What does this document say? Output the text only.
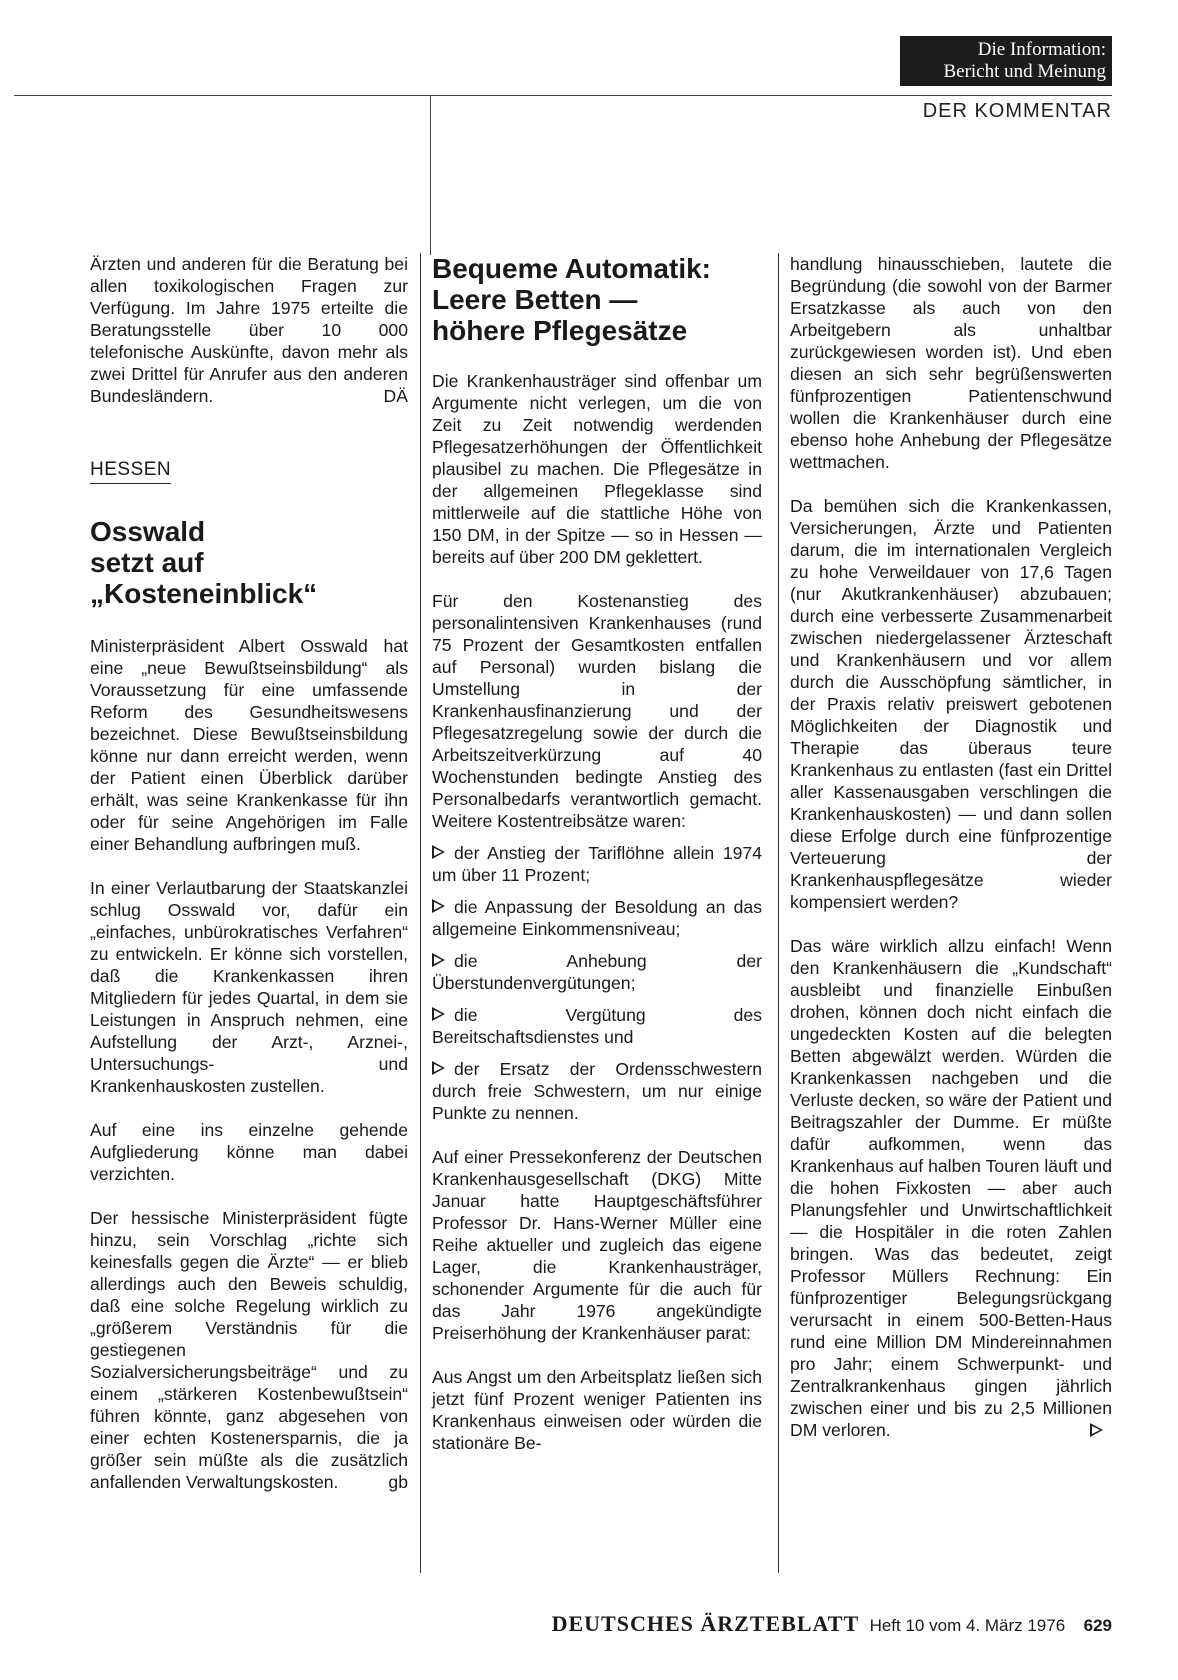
Die Information:
Bericht und Meinung
DER KOMMENTAR

Ärzten und anderen für die Beratung bei allen toxikologischen Fragen zur Verfügung. Im Jahre 1975 erteilte die Beratungsstelle über 10 000 telefonische Auskünfte, davon mehr als zwei Drittel für Anrufer aus den anderen Bundesländern.	DÄ

HESSEN
Osswald
setzt auf
„Kosteneinblick“

Ministerpräsident Albert Osswald hat eine „neue Bewußtseinsbildung“ als Voraussetzung für eine umfassende Reform des Gesundheitswesens bezeichnet. Diese Bewußtseinsbildung könne nur dann erreicht werden, wenn der Patient einen Überblick darüber erhält, was seine Krankenkasse für ihn oder für seine Angehörigen im Falle einer Behandlung aufbringen muß.

In einer Verlautbarung der Staatskanzlei schlug Osswald vor, dafür ein „einfaches, unbürokratisches Verfahren“ zu entwickeln. Er könne sich vorstellen, daß die Krankenkassen ihren Mitgliedern für jedes Quartal, in dem sie Leistungen in Anspruch nehmen, eine Aufstellung der Arzt-, Arznei-, Untersuchungs- und Krankenhauskosten zustellen.

Auf eine ins einzelne gehende Aufgliederung könne man dabei verzichten.

Der hessische Ministerpräsident fügte hinzu, sein Vorschlag „richte sich keinesfalls gegen die Ärzte“ — er blieb allerdings auch den Beweis schuldig, daß eine solche Regelung wirklich zu „größerem Verständnis für die gestiegenen Sozialversicherungsbeiträge“ und zu einem „stärkeren Kostenbewußtsein“ führen könnte, ganz abgesehen von einer echten Kostenersparnis, die ja größer sein müßte als die zusätzlich anfallenden Verwaltungskosten.	gb

Bequeme Automatik:
Leere Betten —
höhere Pflegesätze

Die Krankenhausträger sind offenbar um Argumente nicht verlegen, um die von Zeit zu Zeit notwendig werdenden Pflegesatzerhöhungen der Öffentlichkeit plausibel zu machen. Die Pflegesätze in der allgemeinen Pflegeklasse sind mittlerweile auf die stattliche Höhe von 150 DM, in der Spitze — so in Hessen — bereits auf über 200 DM geklettert.

Für den Kostenanstieg des personalintensiven Krankenhauses (rund 75 Prozent der Gesamtkosten entfallen auf Personal) wurden bislang die Umstellung in der Krankenhausfinanzierung und der Pflegesatzregelung sowie der durch die Arbeitszeitverkürzung auf 40 Wochenstunden bedingte Anstieg des Personalbedarfs verantwortlich gemacht. Weitere Kostentreibsätze waren:

der Anstieg der Tariflöhne allein 1974 um über 11 Prozent;

die Anpassung der Besoldung an das allgemeine Einkommensniveau;

die Anhebung der Überstundenvergütungen;

die Vergütung des Bereitschaftsdienstes und

der Ersatz der Ordensschwestern durch freie Schwestern, um nur einige Punkte zu nennen.

Auf einer Pressekonferenz der Deutschen Krankenhausgesellschaft (DKG) Mitte Januar hatte Hauptgeschäftsführer Professor Dr. Hans-Werner Müller eine Reihe aktueller und zugleich das eigene Lager, die Krankenhausträger, schonender Argumente für die auch für das Jahr 1976 angekündigte Preiserhöhung der Krankenhäuser parat:

Aus Angst um den Arbeitsplatz ließen sich jetzt fünf Prozent weniger Patienten ins Krankenhaus einweisen oder würden die stationäre Be-

handlung hinausschieben, lautete die Begründung (die sowohl von der Barmer Ersatzkasse als auch von den Arbeitgebern als unhaltbar zurückgewiesen worden ist). Und eben diesen an sich sehr begrüßenswerten fünfprozentigen Patientenschwund wollen die Krankenhäuser durch eine ebenso hohe Anhebung der Pflegesätze wettmachen.

Da bemühen sich die Krankenkassen, Versicherungen, Ärzte und Patienten darum, die im internationalen Vergleich zu hohe Verweildauer von 17,6 Tagen (nur Akutkrankenhäuser) abzubauen; durch eine verbesserte Zusammenarbeit zwischen niedergelassener Ärzteschaft und Krankenhäusern und vor allem durch die Ausschöpfung sämtlicher, in der Praxis relativ preiswert gebotenen Möglichkeiten der Diagnostik und Therapie das überaus teure Krankenhaus zu entlasten (fast ein Drittel aller Kassenausgaben verschlingen die Krankenhauskosten) — und dann sollen diese Erfolge durch eine fünfprozentige Verteuerung der Krankenhauspflegesätze wieder kompensiert werden?

Das wäre wirklich allzu einfach! Wenn den Krankenhäusern die „Kundschaft“ ausbleibt und finanzielle Einbußen drohen, können doch nicht einfach die ungedeckten Kosten auf die belegten Betten abgewälzt werden. Würden die Krankenkassen nachgeben und die Verluste decken, so wäre der Patient und Beitragszahler der Dumme. Er müßte dafür aufkommen, wenn das Krankenhaus auf halben Touren läuft und die hohen Fixkosten — aber auch Planungsfehler und Unwirtschaftlichkeit — die Hospitäler in die roten Zahlen bringen. Was das bedeutet, zeigt Professor Müllers Rechnung: Ein fünfprozentiger Belegungsrückgang verursacht in einem 500-Betten-Haus rund eine Million DM Mindereinnahmen pro Jahr; einem Schwerpunkt- und Zentralkrankenhaus gingen jährlich zwischen einer und bis zu 2,5 Millionen DM verloren.

DEUTSCHES ÄRZTEBLATT Heft 10 vom 4. März 1976 629
